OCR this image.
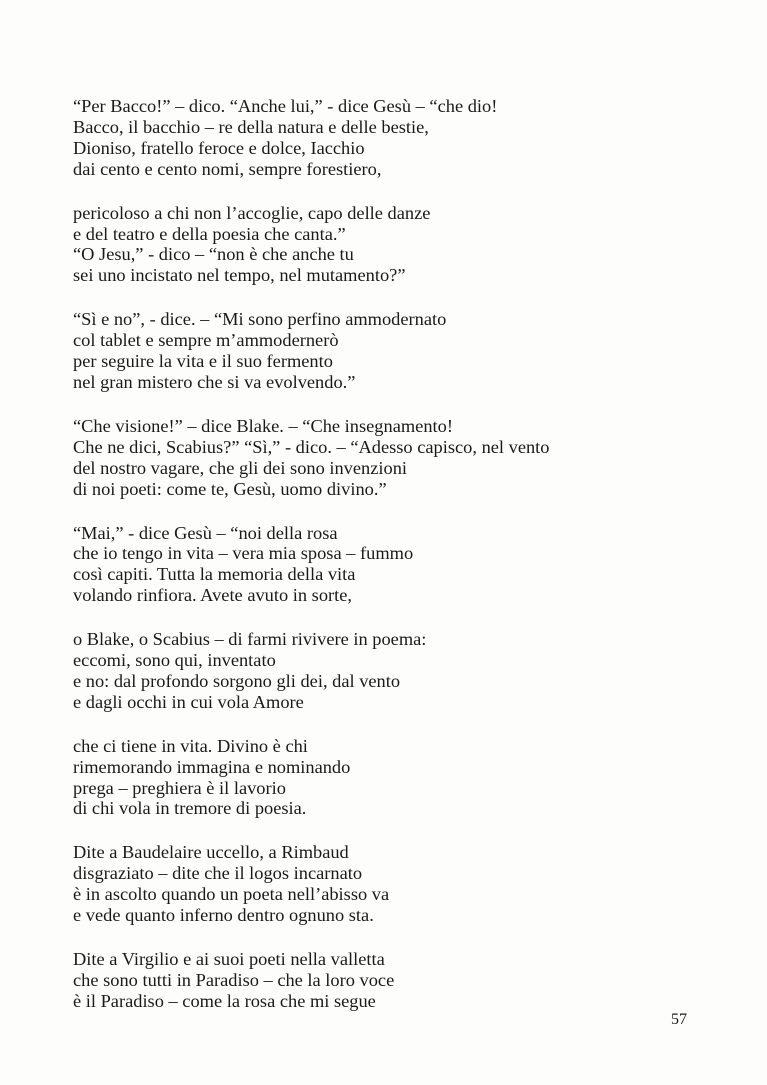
“Per Bacco!” – dico. “Anche lui,” - dice Gesù – “che dio!
Bacco, il bacchio – re della natura e delle bestie,
Dioniso, fratello feroce e dolce, Iacchio
dai cento e cento nomi, sempre forestiero,
pericoloso a chi non l’accoglie, capo delle danze
e del teatro e della poesia che canta.”
“O Jesu,” - dico – “non è che anche tu
sei uno incistato nel tempo, nel mutamento?”
“Sì e no”, - dice. – “Mi sono perfino ammodernato
col tablet e sempre m’ammodernerò
per seguire la vita e il suo fermento
nel gran mistero che si va evolvendo.”
“Che visione!” – dice Blake. – “Che insegnamento!
Che ne dici, Scabius?” “Sì,” - dico. – “Adesso capisco, nel vento
del nostro vagare, che gli dei sono invenzioni
di noi poeti: come te, Gesù, uomo divino.”
“Mai,” - dice Gesù – “noi della rosa
che io tengo in vita – vera mia sposa – fummo
così capiti. Tutta la memoria della vita
volando rinfiora. Avete avuto in sorte,
o Blake, o Scabius – di farmi rivivere in poema:
eccomi, sono qui, inventato
e no: dal profondo sorgono gli dei, dal vento
e dagli occhi in cui vola Amore
che ci tiene in vita. Divino è chi
rimemorando immagina e nominando
prega – preghiera è il lavorio
di chi vola in tremore di poesia.
Dite a Baudelaire uccello, a Rimbaud
disgraziato – dite che il logos incarnato
è in ascolto quando un poeta nell’abisso va
e vede quanto inferno dentro ognuno sta.
Dite a Virgilio e ai suoi poeti nella valletta
che sono tutti in Paradiso – che la loro voce
è il Paradiso – come la rosa che mi segue
57
